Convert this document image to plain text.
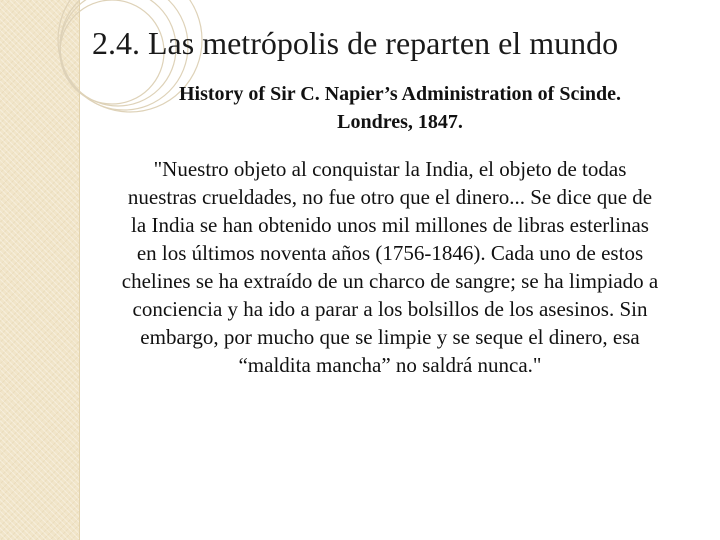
2.4. Las metrópolis de reparten el mundo
History of Sir C. Napier’s Administration of Scinde.
Londres, 1847.
"Nuestro objeto al conquistar la India, el objeto de todas
nuestras crueldades, no fue otro que el dinero... Se dice que de
la India se han obtenido unos mil millones de libras esterlinas
en los últimos noventa años (1756-1846). Cada uno de estos
chelines se ha extraído de un charco de sangre; se ha limpiado a
conciencia y ha ido a parar a los bolsillos de los asesinos. Sin
embargo, por mucho que se limpie y se seque el dinero, esa
“maldita mancha” no saldrá nunca."
